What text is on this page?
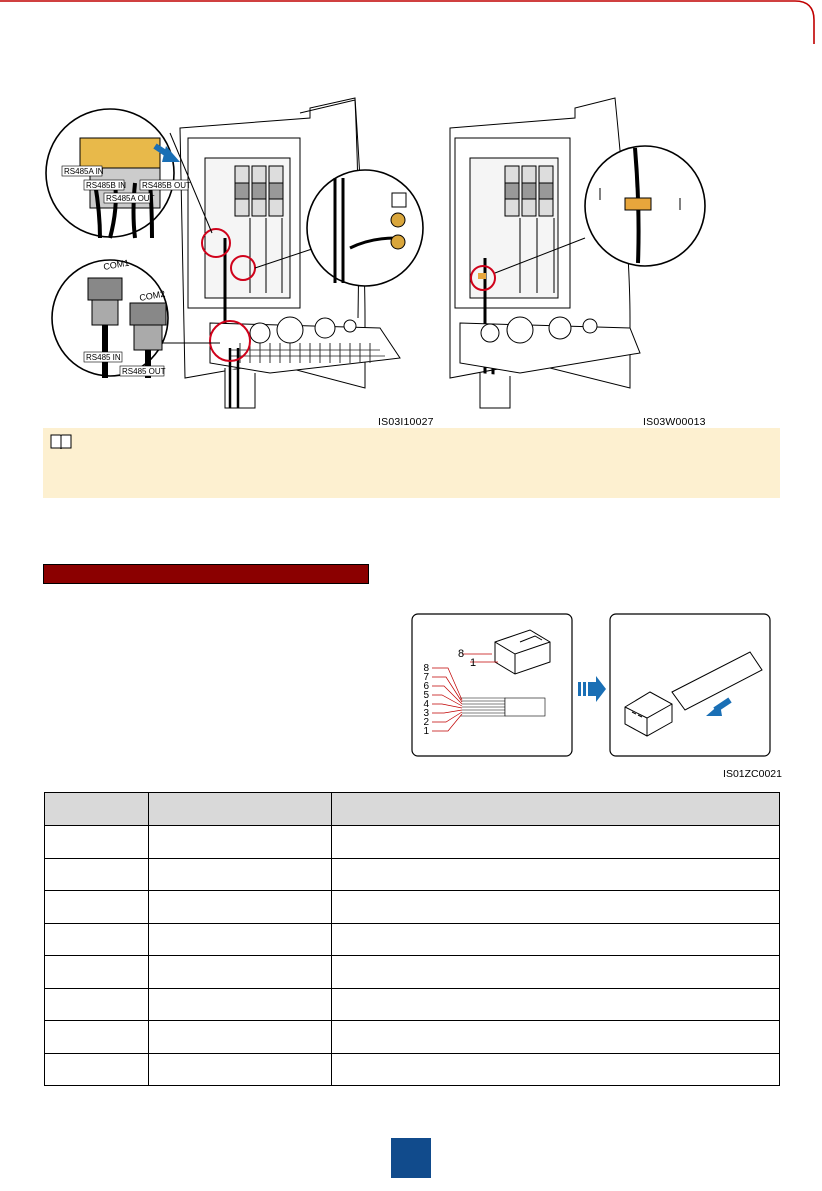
RS485A IN
RS485B IN RS485B OUT
RS485A OUT
COM1
COM2
RS485 IN
RS485 OUT
IS03I10027	IS03W00013
8
1
8
7
6
5
4
3
2
1
IS01ZC0021
